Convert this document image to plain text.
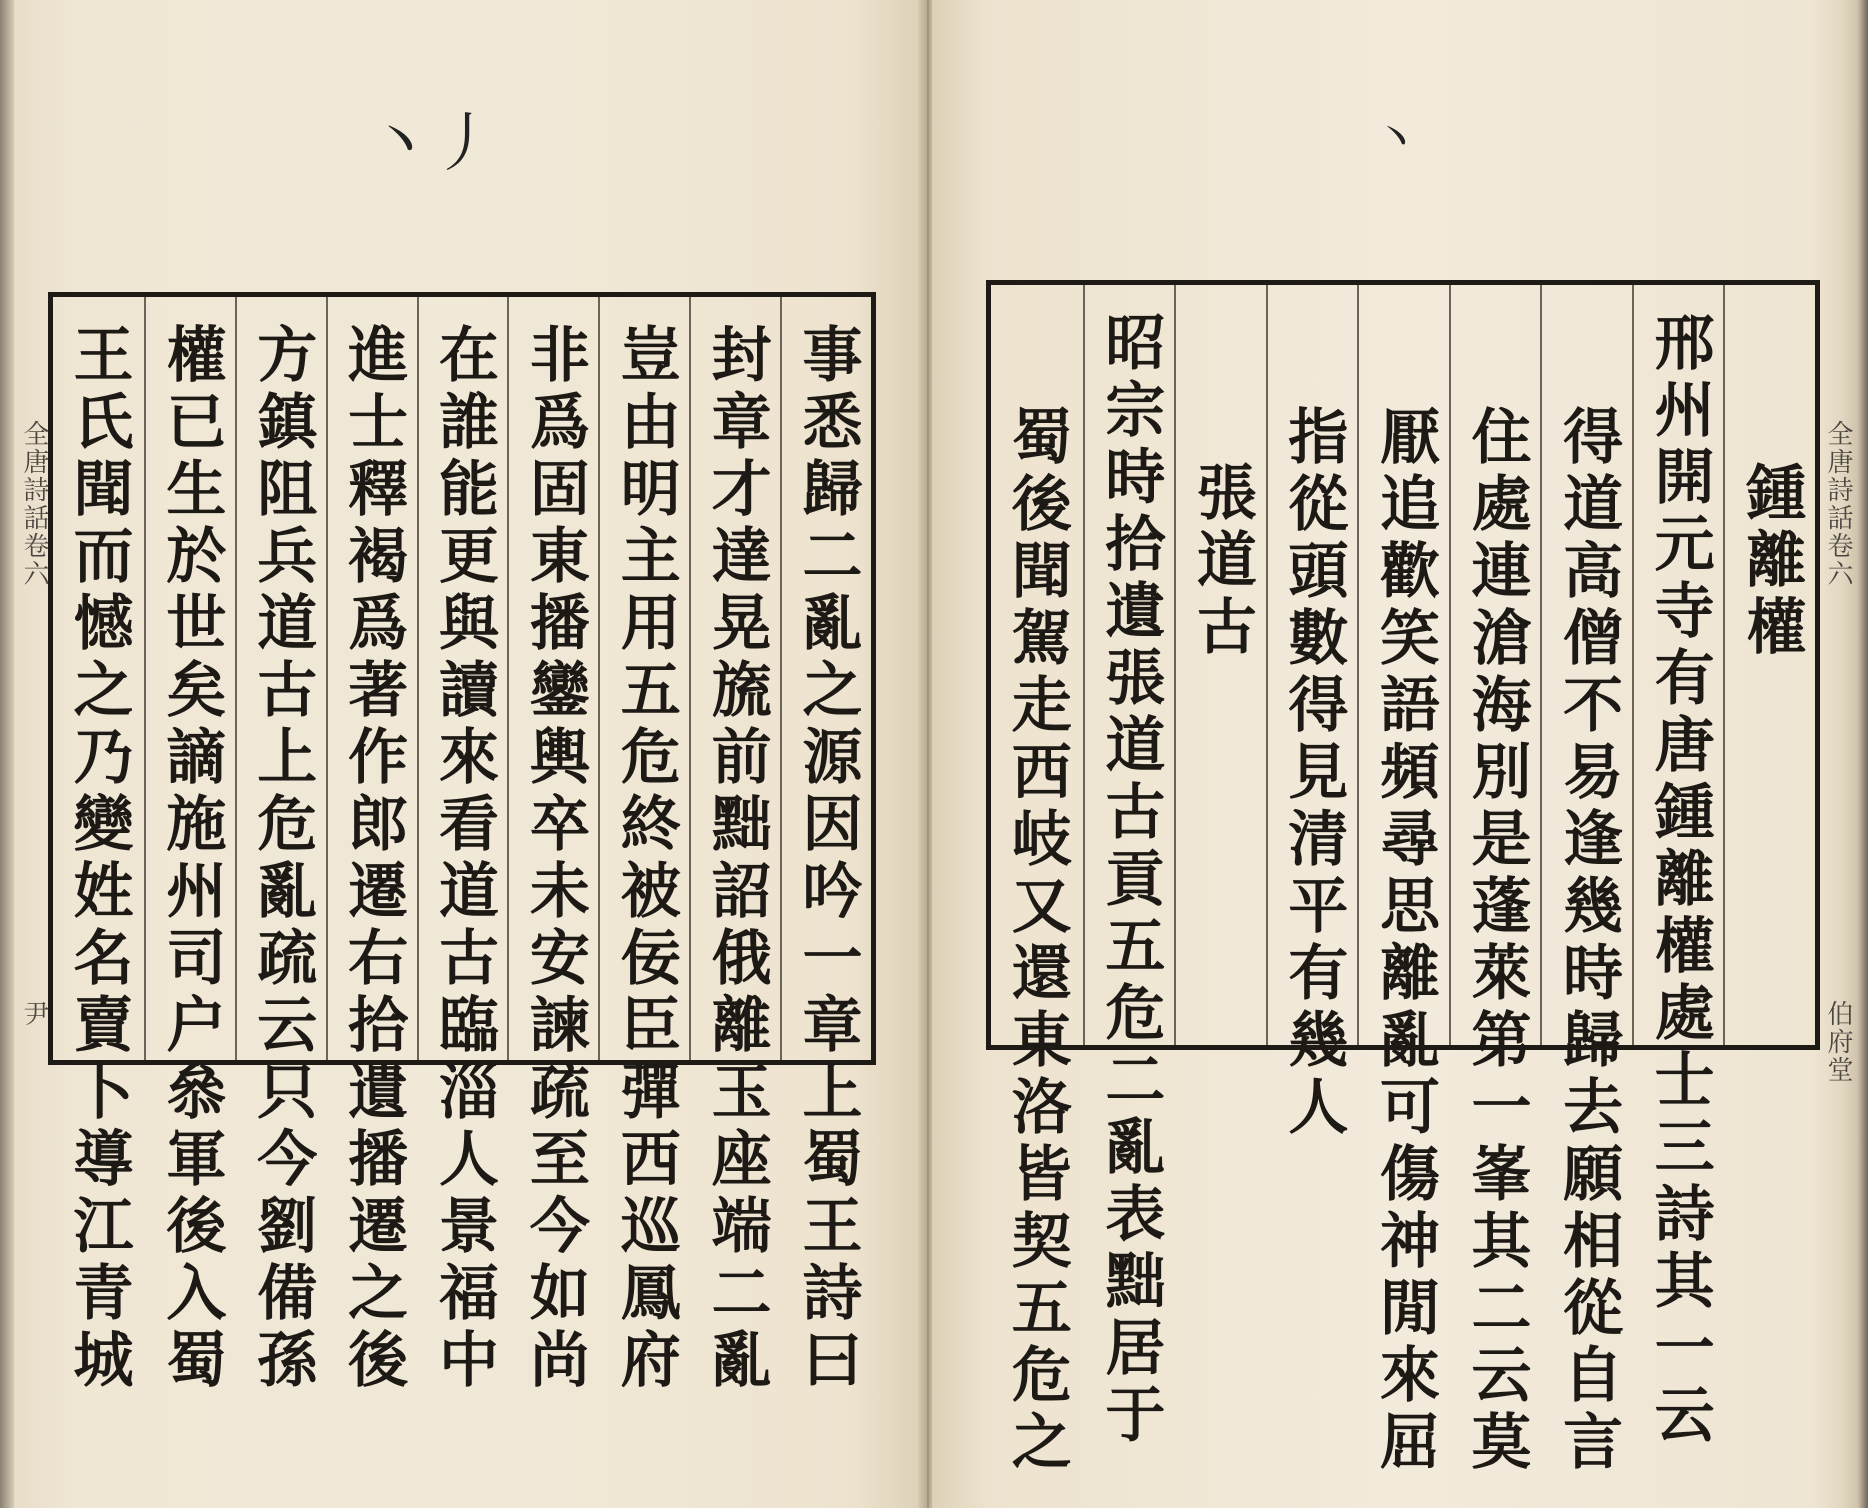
丶丿
全唐詩話卷六
尹	事悉歸二亂之源因吟一章上蜀王詩曰
封章才達晃旒前黜詔俄離玉座端二亂
豈由明主用五危終被佞臣彈西巡鳳府
非爲固東播鑾輿卒未安諫疏至今如尚
在誰能更與讀來看道古臨淄人景福中
進士釋褐爲著作郎遷右拾遺播遷之後
方鎮阻兵道古上危亂疏云只今劉備孫
權已生於世矣謫施州司户叅軍後入蜀
王氏聞而憾之乃變姓名賣卜導江青城
丶
全唐詩話卷六
伯府堂
鍾離權
邢州開元寺有唐鍾離權處士三詩其一云
得道高僧不易逢幾時歸去願相從自言
住處連滄海別是蓬萊第一峯其二云莫
厭追歡笑語頻尋思離亂可傷神閒來屈
指從頭數得見清平有幾人
張道古
昭宗時拾遺張道古貢五危二亂表黜居于
蜀後聞駕走西岐又還東洛皆契五危之
